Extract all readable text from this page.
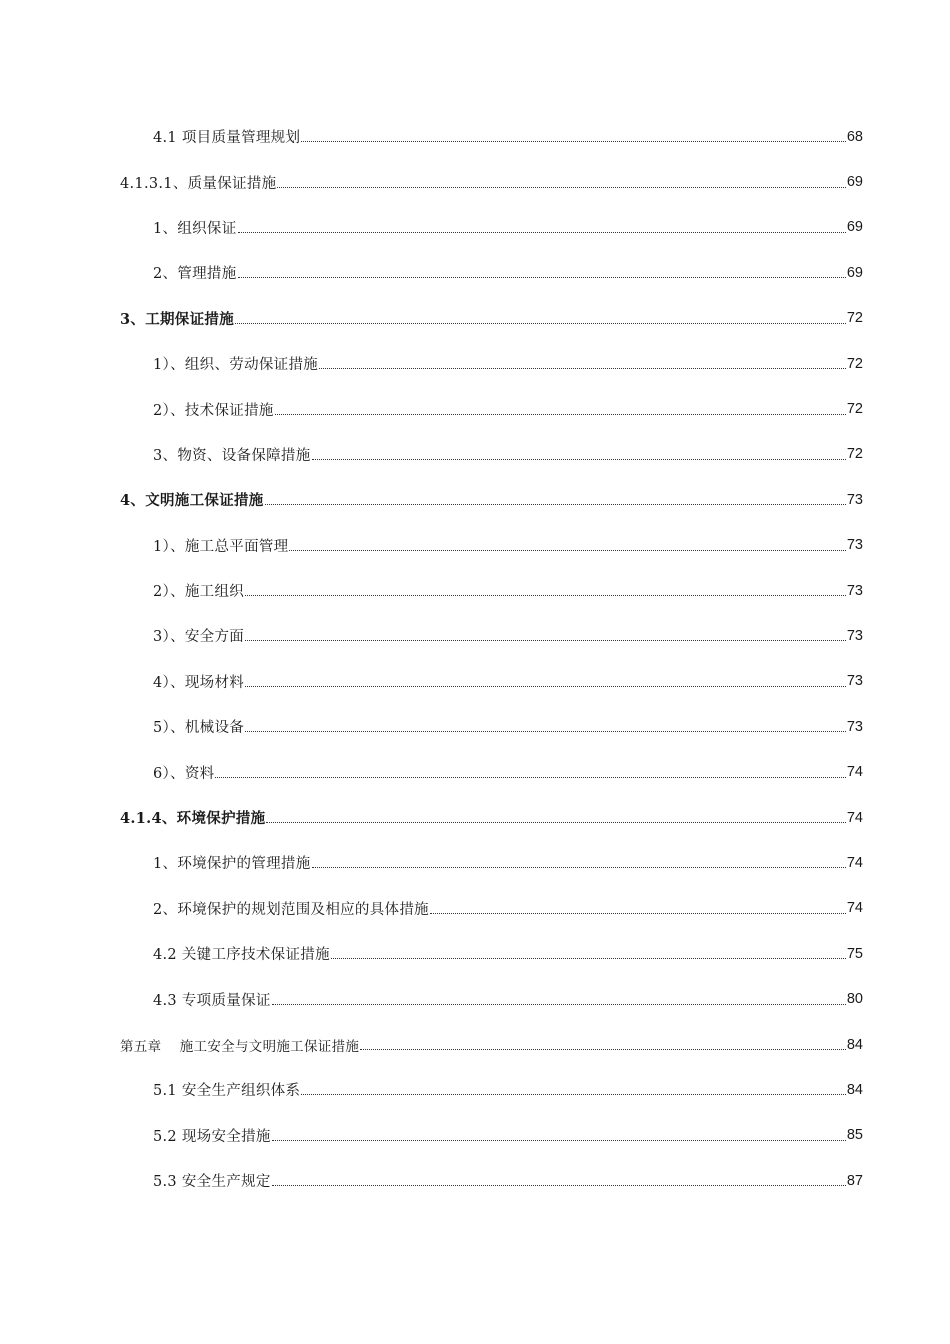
4.1 项目质量管理规划	68
4.1.3.1、质量保证措施	69
1、组织保证	69
2、管理措施	69
3、工期保证措施	72
1）、组织、劳动保证措施	72
2）、技术保证措施	72
3、物资、设备保障措施	72
4、文明施工保证措施	73
1）、施工总平面管理	73
2）、施工组织	73
3）、安全方面	73
4）、现场材料	73
5）、机械设备	73
6）、资料	74
4.1.4、环境保护措施	74
1、环境保护的管理措施	74
2、环境保护的规划范围及相应的具体措施	74
4.2 关键工序技术保证措施	75
4.3 专项质量保证	80
第五章    施工安全与文明施工保证措施	84
5.1 安全生产组织体系	84
5.2 现场安全措施	85
5.3 安全生产规定	87
